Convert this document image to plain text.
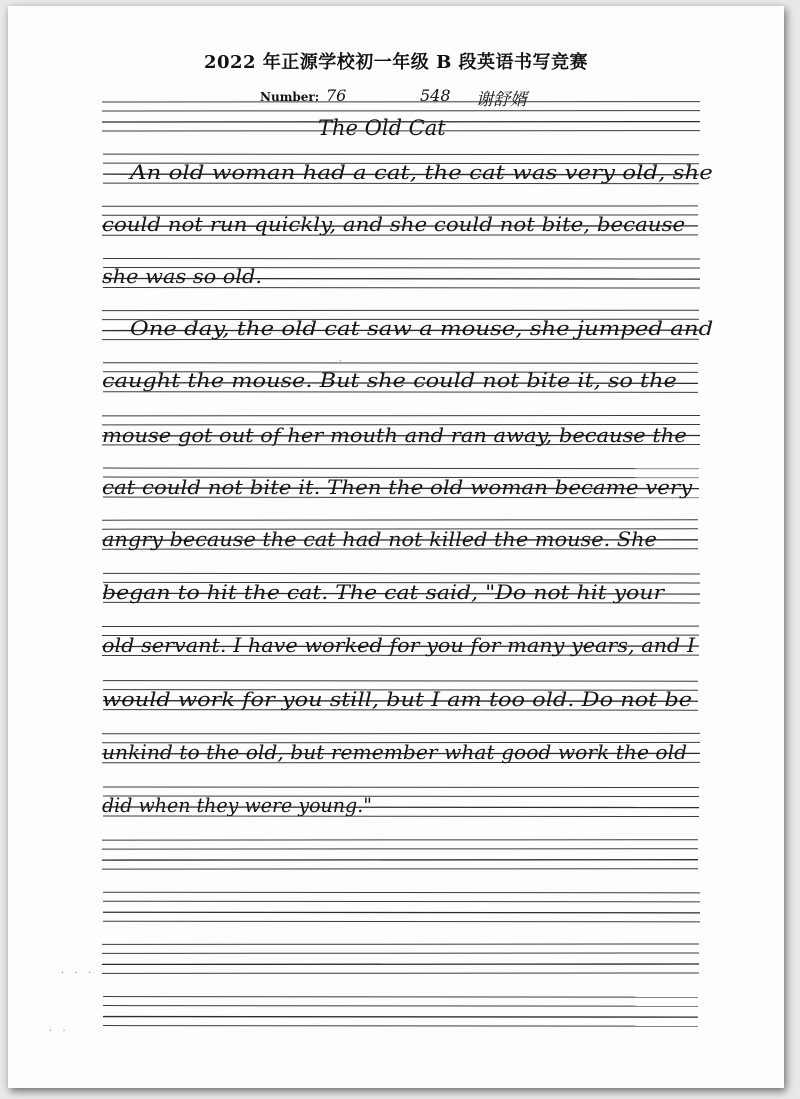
2022 年正源学校初一年级 B 段英语书写竞赛
Number: 76	548 谢舒婿
The Old Cat
An old woman had a cat, the cat was very old, she
could not run quickly, and she could not bite, because
she was so old.
One day, the old cat saw a mouse, she jumped and
caught the mouse. But she could not bite it, so the
mouse got out of her mouth and ran away, because the
cat could not bite it. Then the old woman became very
angry because the cat had not killed the mouse. She
began to hit the cat. The cat said, "Do not hit your
old servant. I have worked for you for many years, and I
would work for you still, but I am too old. Do not be
unkind to the old, but remember what good work the old
did when they were young."
· · ·
· ·
·
